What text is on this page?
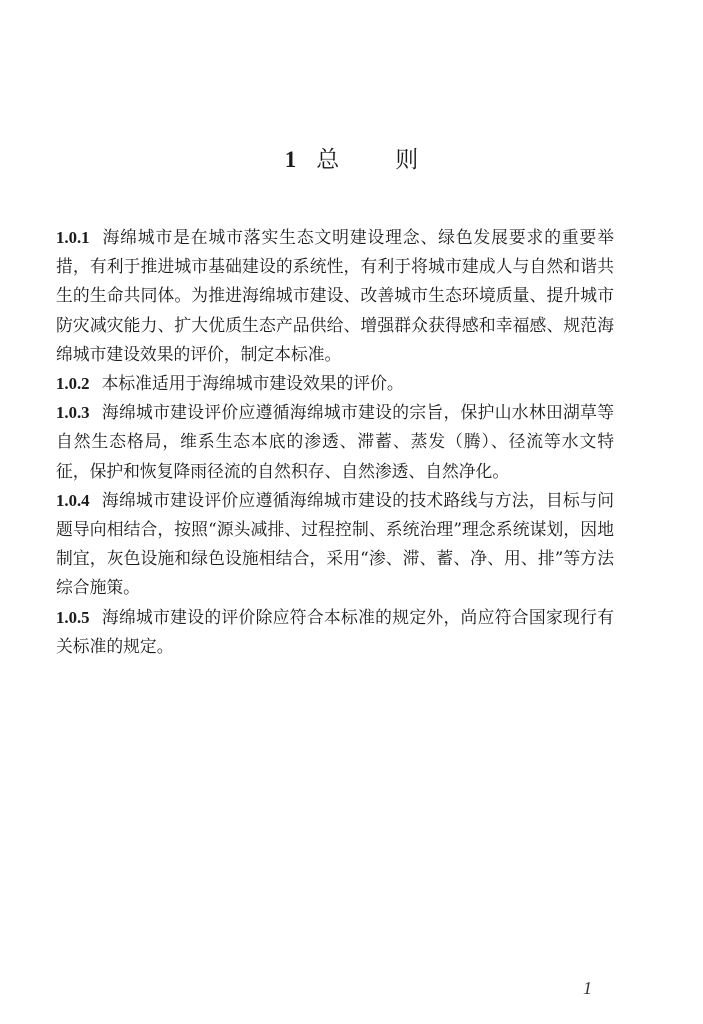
1 总 则

1.0.1 海绵城市是在城市落实生态文明建设理念、绿色发展要求的重要举措，有利于推进城市基础建设的系统性，有利于将城市建成人与自然和谐共生的生命共同体。为推进海绵城市建设、改善城市生态环境质量、提升城市防灾减灾能力、扩大优质生态产品供给、增强群众获得感和幸福感、规范海绵城市建设效果的评价，制定本标准。

1.0.2 本标准适用于海绵城市建设效果的评价。

1.0.3 海绵城市建设评价应遵循海绵城市建设的宗旨，保护山水林田湖草等自然生态格局，维系生态本底的渗透、滞蓄、蒸发（腾）、径流等水文特征，保护和恢复降雨径流的自然积存、自然渗透、自然净化。

1.0.4 海绵城市建设评价应遵循海绵城市建设的技术路线与方法，目标与问题导向相结合，按照“源头减排、过程控制、系统治理”理念系统谋划，因地制宜，灰色设施和绿色设施相结合，采用“渗、滞、蓄、净、用、排”等方法综合施策。

1.0.5 海绵城市建设的评价除应符合本标准的规定外，尚应符合国家现行有关标准的规定。

1
